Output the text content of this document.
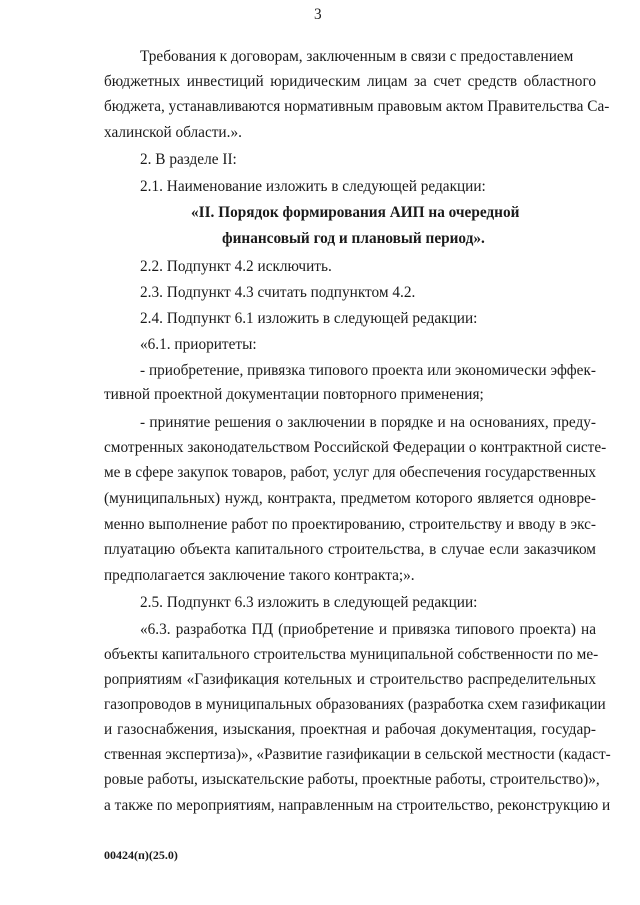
3
Требования к договорам, заключенным в связи с предоставлением
бюджетных инвестиций юридическим лицам за счет средств областного
бюджета, устанавливаются нормативным правовым актом Правительства Са-
халинской области.».
2. В разделе II:
2.1. Наименование изложить в следующей редакции:
«II. Порядок формирования АИП на очередной
финансовый год и плановый период».
2.2. Подпункт 4.2 исключить.
2.3. Подпункт 4.3 считать подпунктом 4.2.
2.4. Подпункт 6.1 изложить в следующей редакции:
«6.1. приоритеты:
- приобретение, привязка типового проекта или экономически эффек-
тивной проектной документации повторного применения;
- принятие решения о заключении в порядке и на основаниях, преду-
смотренных законодательством Российской Федерации о контрактной систе-
ме в сфере закупок товаров, работ, услуг для обеспечения государственных
(муниципальных) нужд, контракта, предметом которого является одновре-
менно выполнение работ по проектированию, строительству и вводу в экс-
плуатацию объекта капитального строительства, в случае если заказчиком
предполагается заключение такого контракта;».
2.5. Подпункт 6.3 изложить в следующей редакции:
«6.3. разработка ПД (приобретение и привязка типового проекта) на
объекты капитального строительства муниципальной собственности по ме-
роприятиям «Газификация котельных и строительство распределительных
газопроводов в муниципальных образованиях (разработка схем газификации
и газоснабжения, изыскания, проектная и рабочая документация, государ-
ственная экспертиза)», «Развитие газификации в сельской местности (кадаст-
ровые работы, изыскательские работы, проектные работы, строительство)»,
а также по мероприятиям, направленным на строительство, реконструкцию и
00424(п)(25.0)
